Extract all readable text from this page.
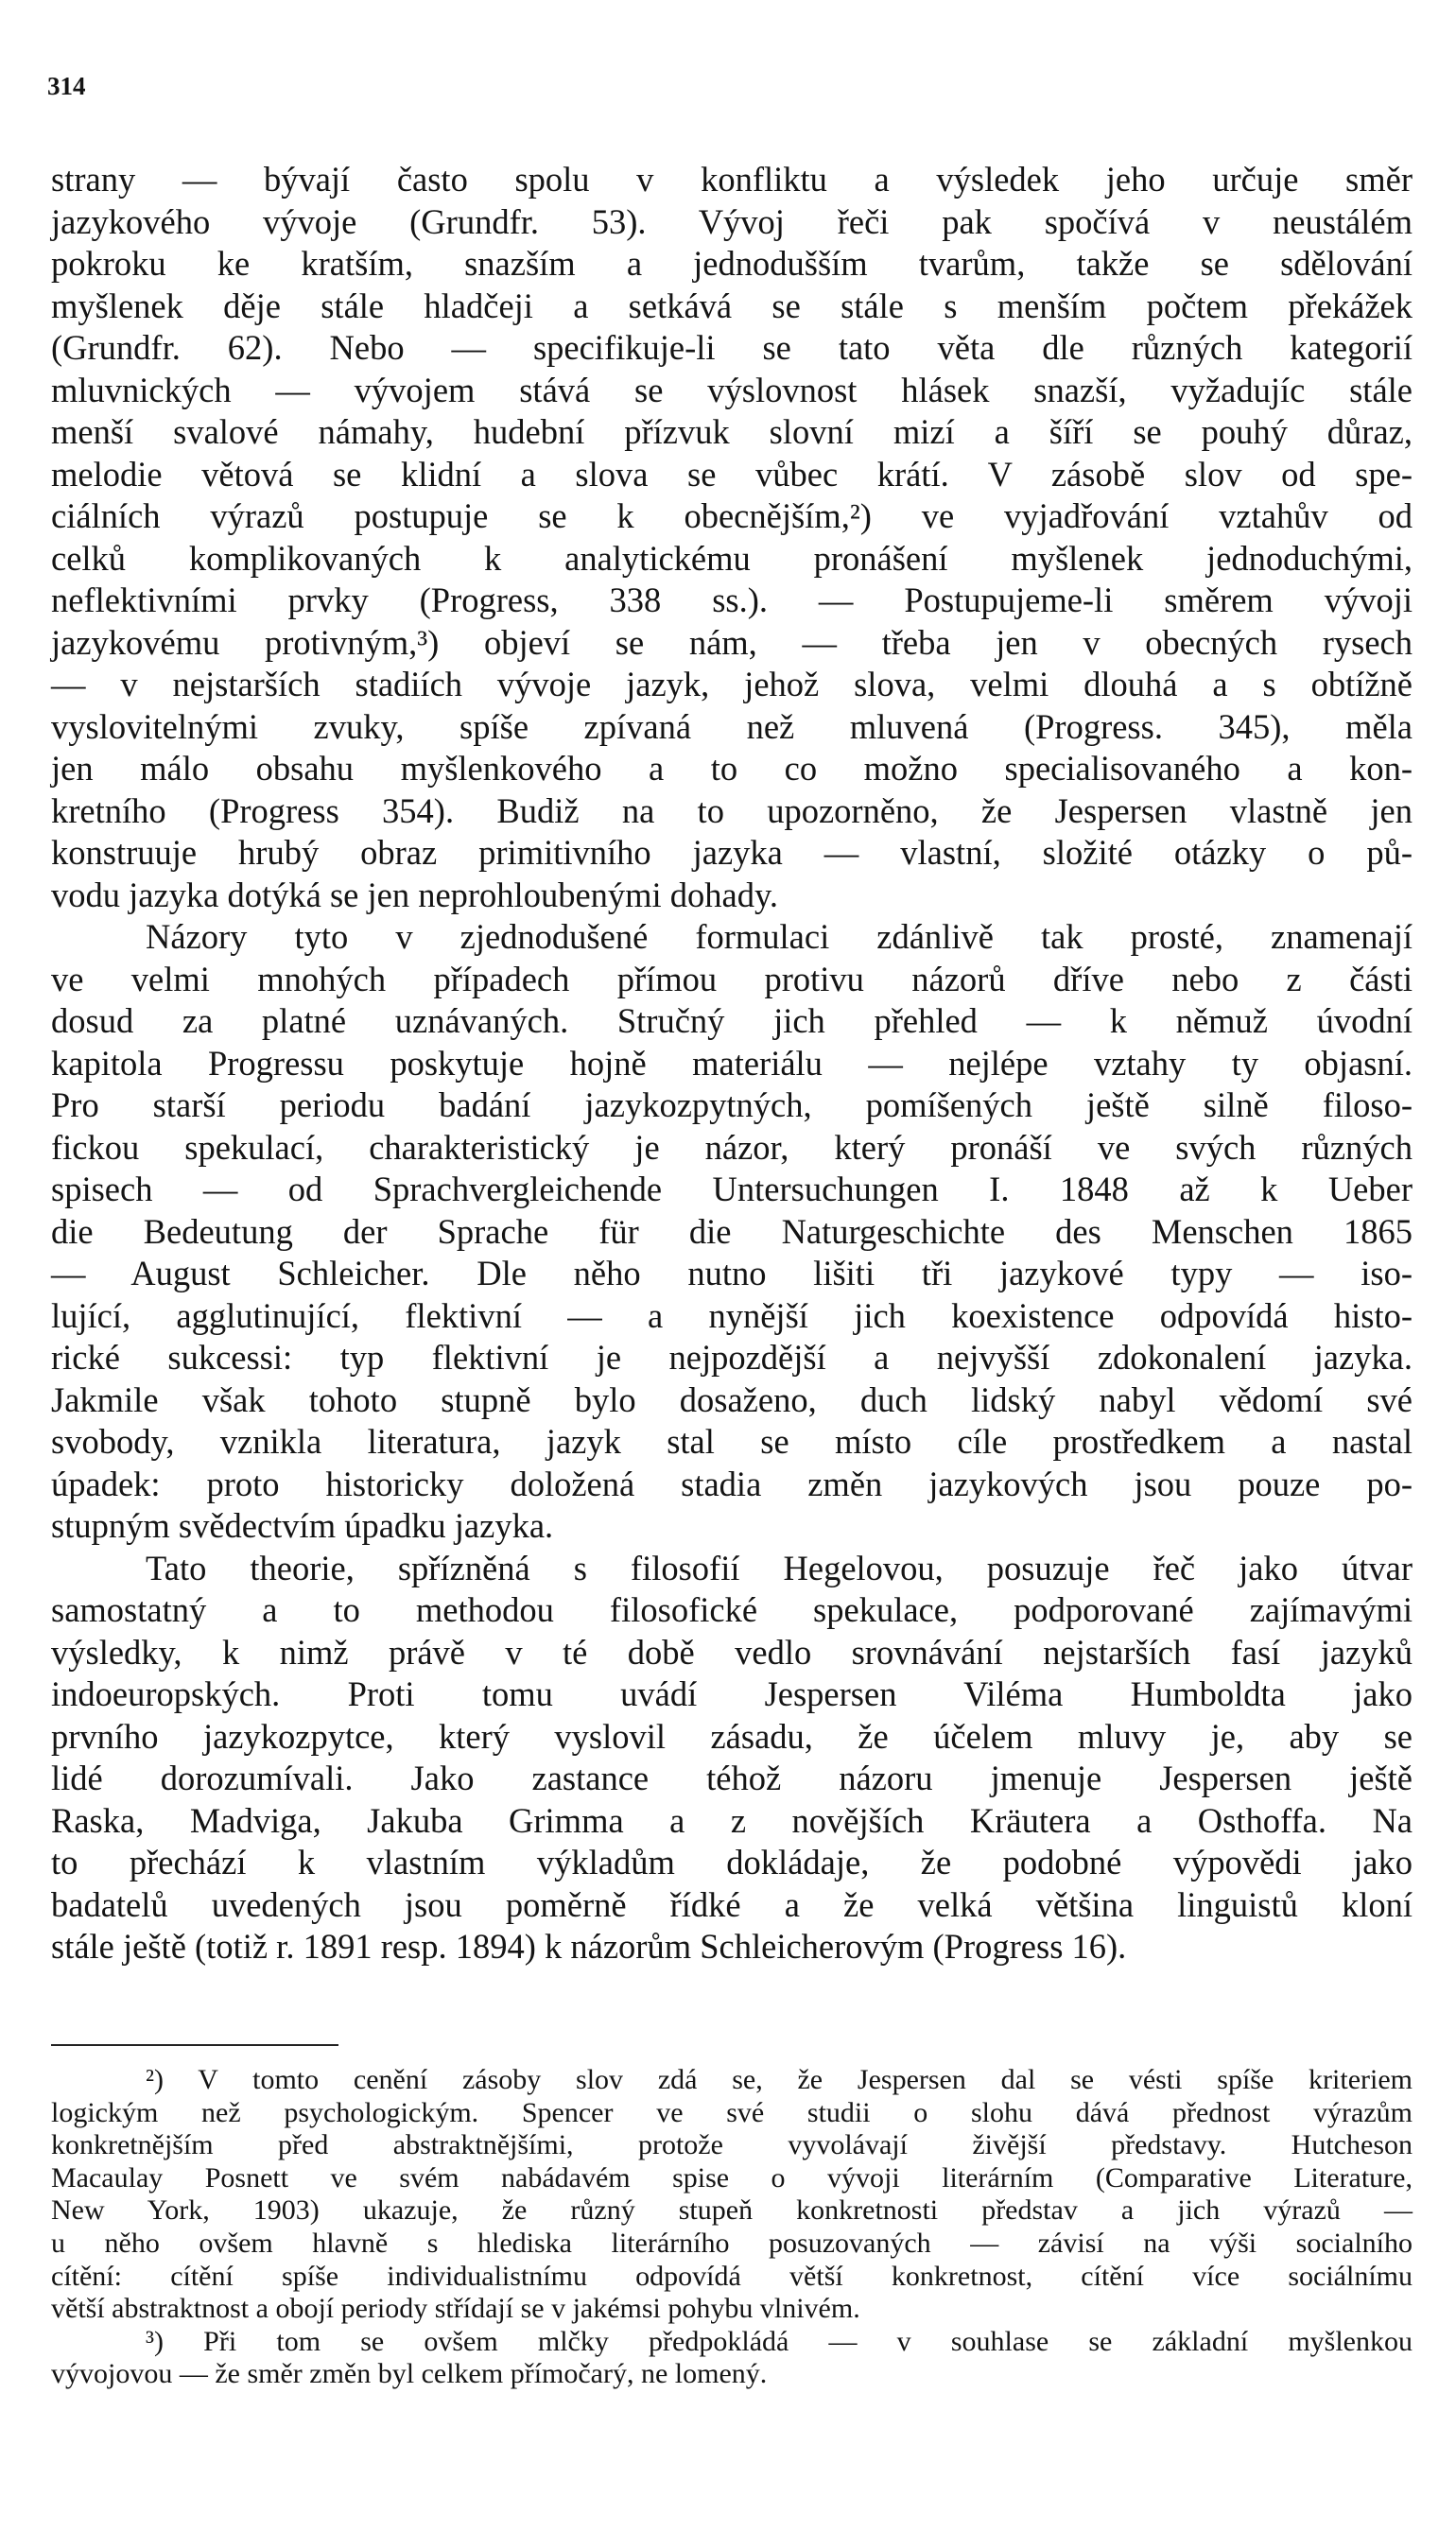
314
strany — bývají často spolu v konfliktu a výsledek jeho určuje směr
jazykového vývoje (Grundfr. 53). Vývoj řeči pak spočívá v neustálém
pokroku ke kratším, snazším a jednodušším tvarům, takže se sdělování
myšlenek děje stále hladčeji a setkává se stále s menším počtem překážek
(Grundfr. 62). Nebo — specifikuje-li se tato věta dle různých kategorií
mluvnických — vývojem stává se výslovnost hlásek snazší, vyžadujíc stále
menší svalové námahy, hudební přízvuk slovní mizí a šíří se pouhý důraz,
melodie větová se klidní a slova se vůbec krátí. V zásobě slov od spe-
ciálních výrazů postupuje se k obecnějším,²) ve vyjadřování vztahův od
celků komplikovaných k analytickému pronášení myšlenek jednoduchými,
neflektivními prvky (Progress, 338 ss.). — Postupujeme-li směrem vývoji
jazykovému protivným,³) objeví se nám, — třeba jen v obecných rysech
— v nejstarších stadiích vývoje jazyk, jehož slova, velmi dlouhá a s obtížně
vyslovitelnými zvuky, spíše zpívaná než mluvená (Progress. 345), měla
jen málo obsahu myšlenkového a to co možno specialisovaného a kon-
kretního (Progress 354). Budiž na to upozorněno, že Jespersen vlastně jen
konstruuje hrubý obraz primitivního jazyka — vlastní, složité otázky o pů-
vodu jazyka dotýká se jen neprohloubenými dohady.
Názory tyto v zjednodušené formulaci zdánlivě tak prosté, znamenají
ve velmi mnohých případech přímou protivu názorů dříve nebo z části
dosud za platné uznávaných. Stručný jich přehled — k němuž úvodní
kapitola Progressu poskytuje hojně materiálu — nejlépe vztahy ty objasní.
Pro starší periodu badání jazykozpytných, pomíšených ještě silně filoso-
fickou spekulací, charakteristický je názor, který pronáší ve svých různých
spisech — od Sprachvergleichende Untersuchungen I. 1848 až k Ueber
die Bedeutung der Sprache für die Naturgeschichte des Menschen 1865
— August Schleicher. Dle něho nutno lišiti tři jazykové typy — iso-
lující, agglutinující, flektivní — a nynější jich koexistence odpovídá histo-
rické sukcessi: typ flektivní je nejpozdější a nejvyšší zdokonalení jazyka.
Jakmile však tohoto stupně bylo dosaženo, duch lidský nabyl vědomí své
svobody, vznikla literatura, jazyk stal se místo cíle prostředkem a nastal
úpadek: proto historicky doložená stadia změn jazykových jsou pouze po-
stupným svědectvím úpadku jazyka.
Tato theorie, spřízněná s filosofií Hegelovou, posuzuje řeč jako útvar
samostatný a to methodou filosofické spekulace, podporované zajímavými
výsledky, k nimž právě v té době vedlo srovnávání nejstarších fasí jazyků
indoeuropských. Proti tomu uvádí Jespersen Viléma Humboldta jako
prvního jazykozpytce, který vyslovil zásadu, že účelem mluvy je, aby se
lidé dorozumívali. Jako zastance téhož názoru jmenuje Jespersen ještě
Raska, Madviga, Jakuba Grimma a z novějších Kräutera a Osthoffa. Na
to přechází k vlastním výkladům dokládaje, že podobné výpovědi jako
badatelů uvedených jsou poměrně řídké a že velká většina linguistů kloní
stále ještě (totiž r. 1891 resp. 1894) k názorům Schleicherovým (Progress 16).
²) V tomto cenění zásoby slov zdá se, že Jespersen dal se vésti spíše kriteriem
logickým než psychologickým. Spencer ve své studii o slohu dává přednost výrazům
konkretnějším před abstraktnějšími, protože vyvolávají živější představy. Hutcheson
Macaulay Posnett ve svém nabádavém spise o vývoji literárním (Comparative Literature,
New York, 1903) ukazuje, že různý stupeň konkretnosti představ a jich výrazů —
u něho ovšem hlavně s hlediska literárního posuzovaných — závisí na výši socialního
cítění: cítění spíše individualistnímu odpovídá větší konkretnost, cítění více sociálnímu
větší abstraktnost a obojí periody střídají se v jakémsi pohybu vlnivém.
³) Při tom se ovšem mlčky předpokládá — v souhlase se základní myšlenkou
vývojovou — že směr změn byl celkem přímočarý, ne lomený.
